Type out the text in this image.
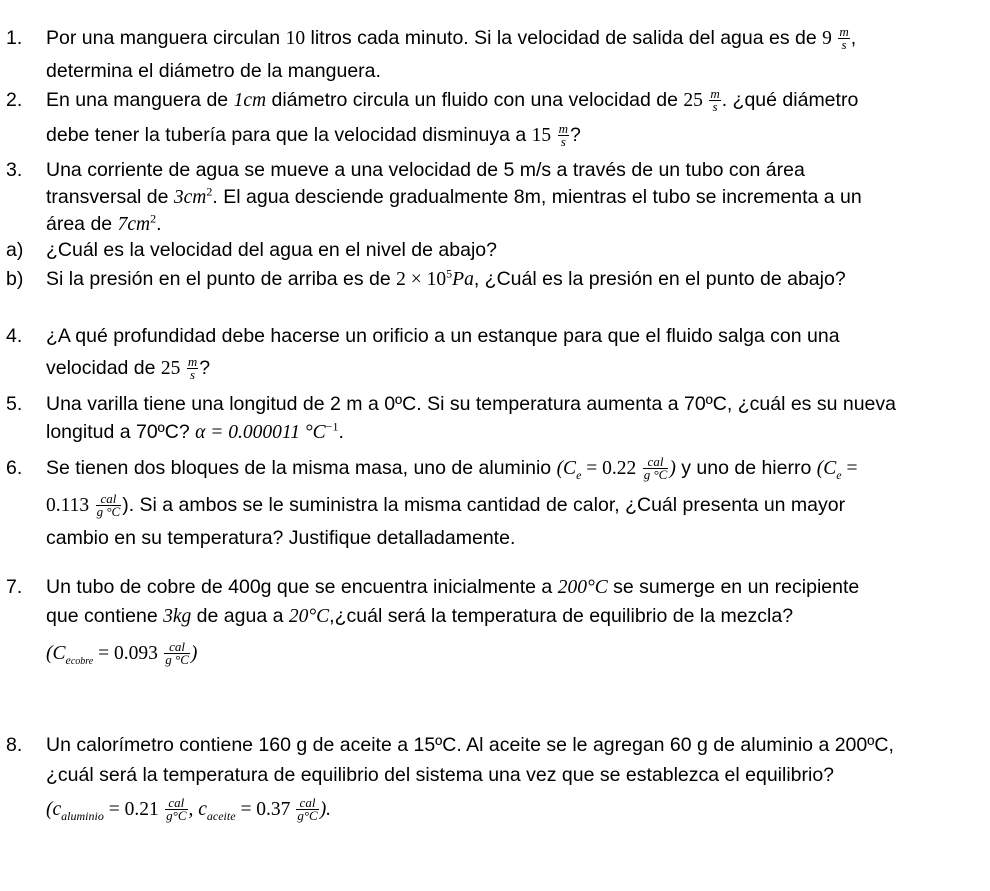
1. Por una manguera circulan 10 litros cada minuto. Si la velocidad de salida del agua es de $9 \frac{m}{s}$ ,
determina el diámetro de la manguera.
2. En una manguera de 1cm diámetro circula un fluido con una velocidad de $25 \frac{m}{s}$ . ¿qué diámetro
debe tener la tubería para que la velocidad disminuya a $15 \frac{m}{s}$ ?
3. Una corriente de agua se mueve a una velocidad de 5 m/s a través de un tubo con área
transversal de $3cm^2$. El agua desciende gradualmente 8m, mientras el tubo se incrementa a un
área de $7cm^2$.
a) ¿Cuál es la velocidad del agua en el nivel de abajo?
b) Si la presión en el punto de arriba es de $2 \times 10^5Pa$, ¿Cuál es la presión en el punto de abajo?
4. ¿A qué profundidad debe hacerse un orificio a un estanque para que el fluido salga con una
velocidad de $25 \frac{m}{s}$ ?
5. Una varilla tiene una longitud de 2 m a 0ºC. Si su temperatura aumenta a 70ºC, ¿cuál es su nueva
longitud a 70ºC? α = 0.000011 $^\circ C^{-1}$.
6. Se tienen dos bloques de la misma masa, uno de aluminio ($C_e = 0.22 \frac{\text{cal}}{g ^\circ C}$ ) y uno de hierro ($C_e$ =
$0.113 \frac{\text{cal}}{g ^\circ C}$ ). Si a ambos se le suministra la misma cantidad de calor, ¿Cuál presenta un mayor
cambio en su temperatura? Justifique detalladamente.
7. Un tubo de cobre de 400g que se encuentra inicialmente a 200°C se sumerge en un recipiente
que contiene 3kg de agua a 20°C,¿cuál será la temperatura de equilibrio de la mezcla?
($C_{ecobre} = 0.093 \frac{\text{cal}}{g ^\circ C}$ )
8. Un calorímetro contiene 160 g de aceite a 15ºC. Al aceite se le agregan 60 g de aluminio a 200ºC,
¿cuál será la temperatura de equilibrio del sistema una vez que se establezca el equilibrio?
($c_{aluminio} = 0.21 \frac{\text{cal}}{g^\circ C}$ , $c_{aceite} = 0.37 \frac{\text{cal}}{g^\circ C}$ ).
